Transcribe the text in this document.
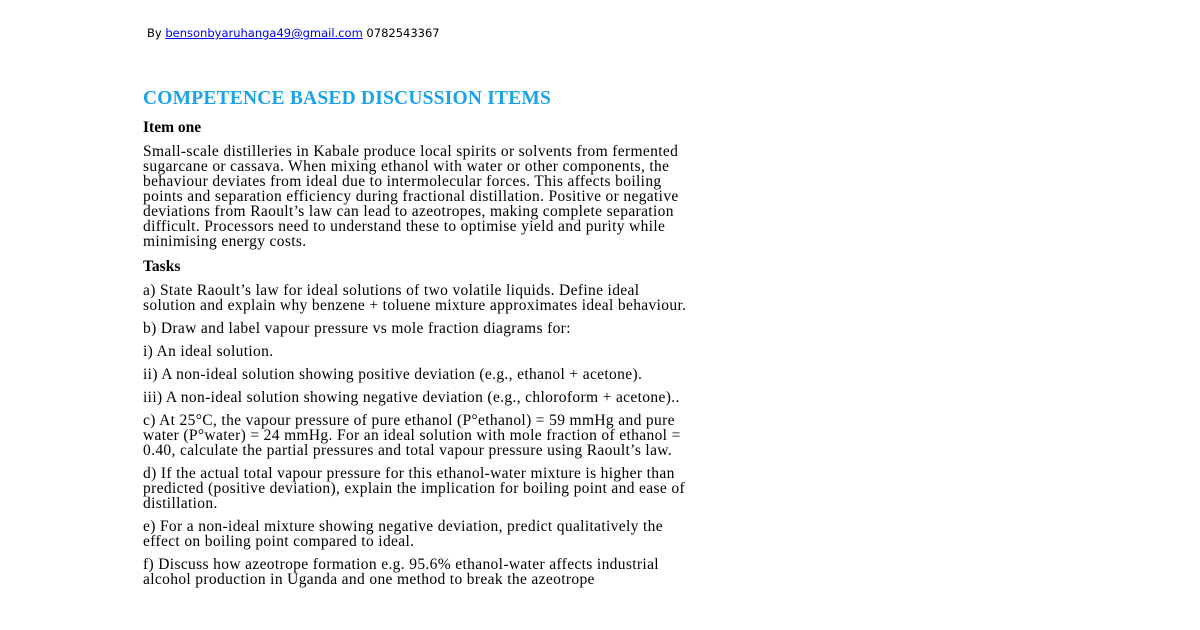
By bensonbyaruhanga49@gmail.com 0782543367
COMPETENCE BASED DISCUSSION ITEMS
Item one
Small-scale distilleries in Kabale produce local spirits or solvents from fermented
sugarcane or cassava. When mixing ethanol with water or other components, the
behaviour deviates from ideal due to intermolecular forces. This affects boiling
points and separation efficiency during fractional distillation. Positive or negative
deviations from Raoult’s law can lead to azeotropes, making complete separation
difficult. Processors need to understand these to optimise yield and purity while
minimising energy costs.
Tasks
a) State Raoult’s law for ideal solutions of two volatile liquids. Define ideal
solution and explain why benzene + toluene mixture approximates ideal behaviour.
b) Draw and label vapour pressure vs mole fraction diagrams for:
i) An ideal solution.
ii) A non-ideal solution showing positive deviation (e.g., ethanol + acetone).
iii) A non-ideal solution showing negative deviation (e.g., chloroform + acetone)..
c) At 25°C, the vapour pressure of pure ethanol (P°ethanol) = 59 mmHg and pure
water (P°water) = 24 mmHg. For an ideal solution with mole fraction of ethanol =
0.40, calculate the partial pressures and total vapour pressure using Raoult’s law.
d) If the actual total vapour pressure for this ethanol-water mixture is higher than
predicted (positive deviation), explain the implication for boiling point and ease of
distillation.
e) For a non-ideal mixture showing negative deviation, predict qualitatively the
effect on boiling point compared to ideal.
f) Discuss how azeotrope formation e.g. 95.6% ethanol-water affects industrial
alcohol production in Uganda and one method to break the azeotrope
